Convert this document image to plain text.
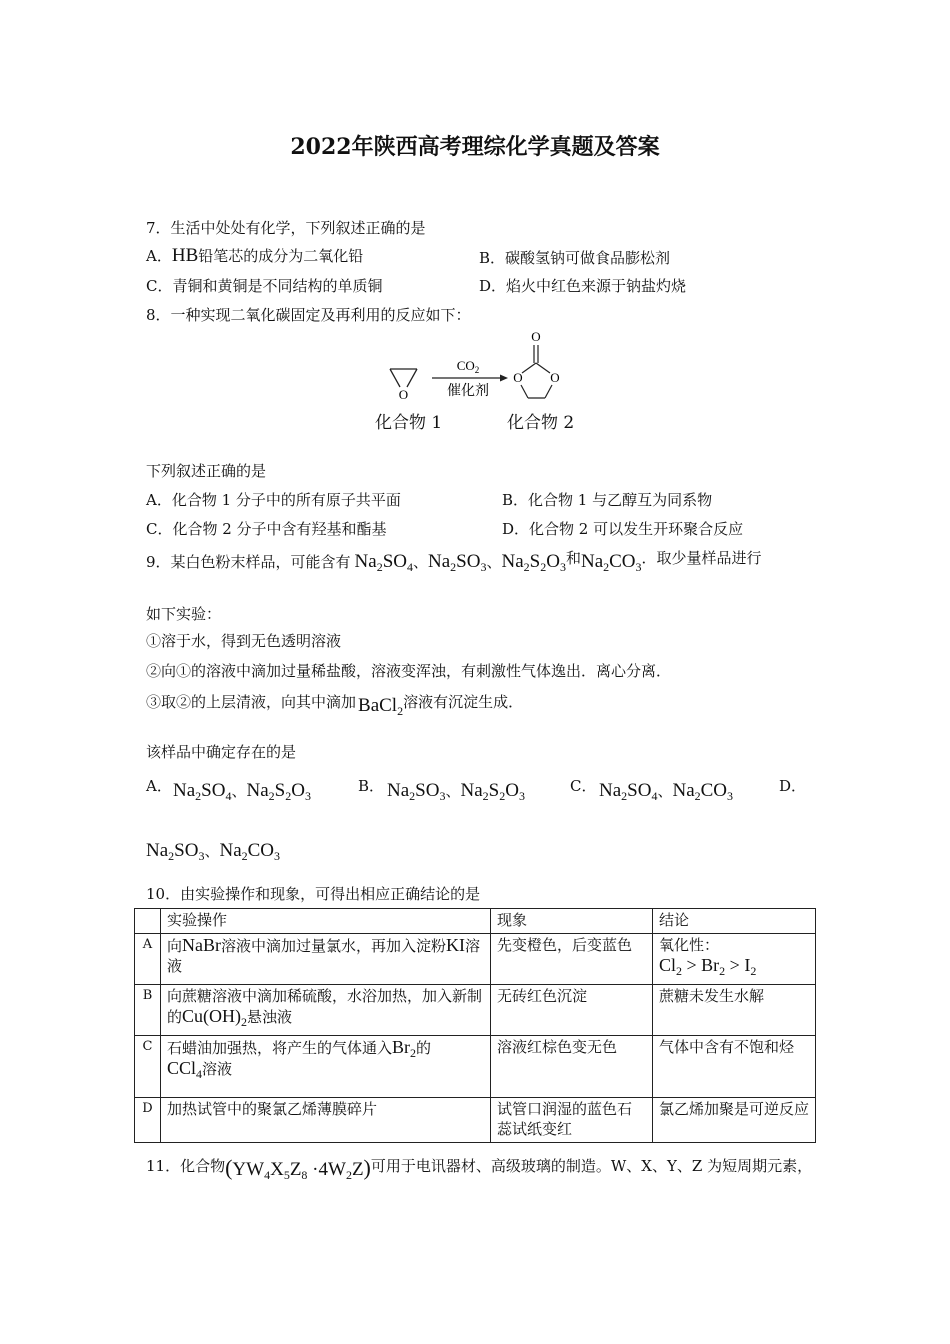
2022年陕西高考理综化学真题及答案
7．生活中处处有化学，下列叙述正确的是
A．HB铅笔芯的成分为二氧化铅	B．碳酸氢钠可做食品膨松剂
C．青铜和黄铜是不同结构的单质铜	D．焰火中红色来源于钠盐灼烧
8．一种实现二氧化碳固定及再利用的反应如下：
O
$CO_2$
催化剂
O
O O
化合物 1	化合物 2
下列叙述正确的是
A．化合物 1 分子中的所有原子共平面	B．化合物 1 与乙醇互为同系物
C．化合物 2 分子中含有羟基和酯基	D．化合物 2 可以发生开环聚合反应
9．某白色粉末样品，可能含有 $Na_2SO_4$、$Na_2SO_3$、$Na_2S_2O_3$和$Na_2CO_3$．取少量样品进行
如下实验：
①溶于水，得到无色透明溶液
②向①的溶液中滴加过量稀盐酸，溶液变浑浊，有刺激性气体逸出．离心分离．
③取②的上层清液，向其中滴加 BaCl$_2$溶液有沉淀生成．
该样品中确定存在的是
A． $Na_2SO_4$、$Na_2S_2O_3$
B． $Na_2SO_3$、$Na_2S_2O_3$
C． $Na_2SO_4$、$Na_2CO_3$
D．
$Na_2SO_3$、$Na_2CO_3$
10．由实验操作和现象，可得出相应正确结论的是
	实验操作	现象	结论
A	向NaBr溶液中滴加过量氯水，再加入淀粉KI溶液	先变橙色，后变蓝色	氧化性：
$Cl_2 > Br_2 > I_2$
B	向蔗糖溶液中滴加稀硫酸，水浴加热，加入新制的$Cu(OH)_2$悬浊液	无砖红色沉淀	蔗糖未发生水解
C	石蜡油加强热，将产生的气体通入$Br_2$的
CCl$_4$溶液	溶液红棕色变无色	气体中含有不饱和烃
D	加热试管中的聚氯乙烯薄膜碎片	试管口润湿的蓝色石蕊试纸变红	氯乙烯加聚是可逆反应
11．化合物$(YW_4X_5Z_8 \cdot 4W_2Z)$可用于电讯器材、高级玻璃的制造。W、X、Y、Z 为短周期元素，
